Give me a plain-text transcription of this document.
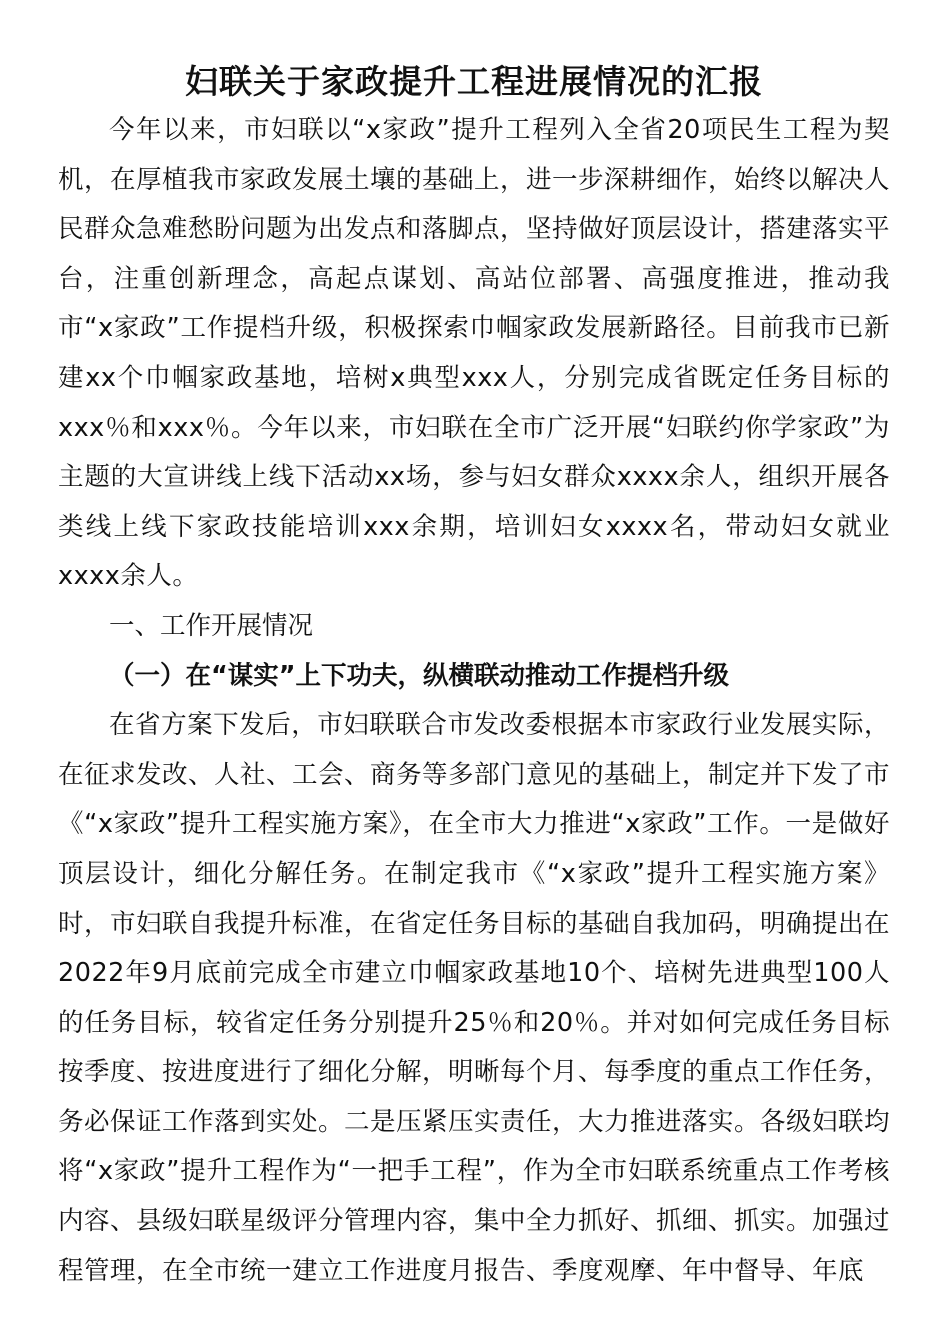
妇联关于家政提升工程进展情况的汇报

今年以来，市妇联以“x家政”提升工程列入全省20项民生工程为契机，在厚植我市家政发展土壤的基础上，进一步深耕细作，始终以解决人民群众急难愁盼问题为出发点和落脚点，坚持做好顶层设计，搭建落实平台，注重创新理念，高起点谋划、高站位部署、高强度推进，推动我市“x家政”工作提档升级，积极探索巾帼家政发展新路径。目前我市已新建xx个巾帼家政基地，培树x典型xxx人，分别完成省既定任务目标的xxx％和xxx％。今年以来，市妇联在全市广泛开展“妇联约你学家政”为主题的大宣讲线上线下活动xx场，参与妇女群众xxxx余人，组织开展各类线上线下家政技能培训xxx余期，培训妇女xxxx名，带动妇女就业xxxx余人。

一、工作开展情况

（一）在“谋实”上下功夫，纵横联动推动工作提档升级

在省方案下发后，市妇联联合市发改委根据本市家政行业发展实际，在征求发改、人社、工会、商务等多部门意见的基础上，制定并下发了市《“x家政”提升工程实施方案》，在全市大力推进“x家政”工作。一是做好顶层设计，细化分解任务。在制定我市《“x家政”提升工程实施方案》时，市妇联自我提升标准，在省定任务目标的基础自我加码，明确提出在2022年9月底前完成全市建立巾帼家政基地10个、培树先进典型100人的任务目标，较省定任务分别提升25％和20％。并对如何完成任务目标按季度、按进度进行了细化分解，明晰每个月、每季度的重点工作任务，务必保证工作落到实处。二是压紧压实责任，大力推进落实。各级妇联均将“x家政”提升工程作为“一把手工程”，作为全市妇联系统重点工作考核内容、县级妇联星级评分管理内容，集中全力抓好、抓细、抓实。加强过程管理，在全市统一建立工作进度月报告、季度观摩、年中督导、年底
